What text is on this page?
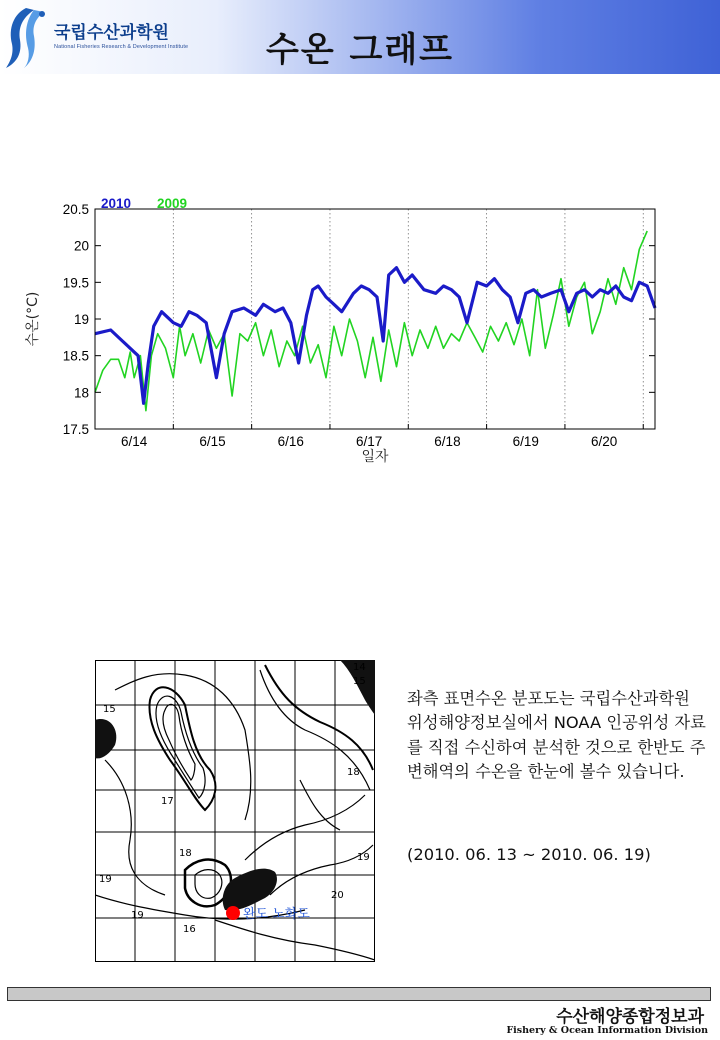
국립수산과학원
National Fisheries Research & Development Institute	수온 그래프
17.5
18
18.5
19
19.5
20
20.5
6/14	6/15	6/16	6/17	6/18	6/19	6/20
2010 2009
수온(°C)
일자
14
15
15
17
18
18	19
19
20
19
16
완도 노화도
좌측 표면수온 분포도는 국립수산과학원 위성해양정보실에서 NOAA 인공위성 자료를 직접 수신하여 분석한 것으로 한반도 주변해역의 수온을 한눈에 볼수 있습니다.
(2010. 06. 13 ~ 2010. 06. 19)
수산해양종합정보과
Fishery & Ocean Information Division
